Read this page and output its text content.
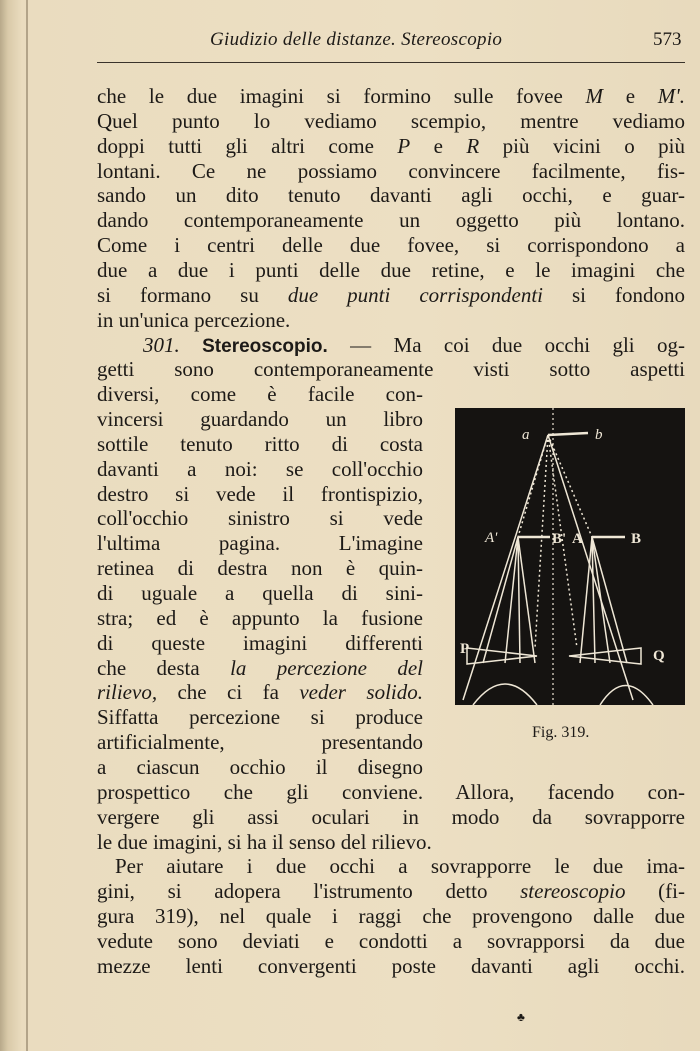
Giudizio delle distanze. Stereoscopio	573
che le due imagini si formino sulle fovee M e M'.
Quel punto lo vediamo scempio, mentre vediamo
doppi tutti gli altri come P e R più vicini o più
lontani. Ce ne possiamo convincere facilmente, fis-
sando un dito tenuto davanti agli occhi, e guar-
dando contemporaneamente un oggetto più lontano.
Come i centri delle due fovee, si corrispondono a
due a due i punti delle due retine, e le imagini che
si formano su due punti corrispondenti si fondono
in un'unica percezione.
301. Stereoscopio. — Ma coi due occhi gli og-
getti sono contemporaneamente visti sotto aspetti
diversi, come è facile con-
vincersi guardando un libro
sottile tenuto ritto di costa
davanti a noi: se coll'occhio
destro si vede il frontispizio,
coll'occhio sinistro si vede
l'ultima pagina. L'imagine
retinea di destra non è quin-
di uguale a quella di sini-
stra; ed è appunto la fusione
di queste imagini differenti
che desta la percezione del
rilievo, che ci fa veder solido.
Siffatta percezione si produce
artificialmente, presentando
a ciascun occhio il disegno
prospettico che gli conviene. Allora, facendo con-
vergere gli assi oculari in modo da sovrapporre
le due imagini, si ha il senso del rilievo.
Per aiutare i due occhi a sovrapporre le due ima-
gini, si adopera l'istrumento detto stereoscopio (fi-
gura 319), nel quale i raggi che provengono dalle due
vedute sono deviati e condotti a sovrapporsi da due
mezze lenti convergenti poste davanti agli occhi.
a	b
A'	B' A	B
P	Q
Fig. 319.
♣
